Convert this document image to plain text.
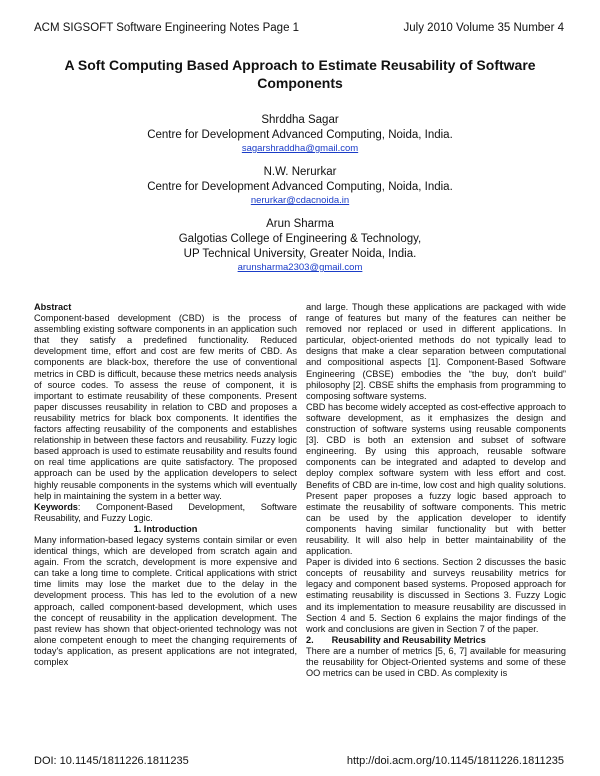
ACM SIGSOFT Software Engineering Notes Page 1	July 2010 Volume 35 Number 4
A Soft Computing Based Approach to Estimate Reusability of Software
Components
Shrddha Sagar
Centre for Development Advanced Computing, Noida, India.
sagarshraddha@gmail.com
N.W. Nerurkar
Centre for Development Advanced Computing, Noida, India.
nerurkar@cdacnoida.in
Arun Sharma
Galgotias College of Engineering & Technology,
UP Technical University, Greater Noida, India.
arunsharma2303@gmail.com

Abstract

Component-based development (CBD) is the process of assembling existing software components in an application such that they satisfy a predefined functionality. Reduced development time, effort and cost are few merits of CBD. As components are black-box, therefore the use of conventional metrics in CBD is difficult, because these metrics needs analysis of source codes. To assess the reuse of component, it is important to estimate reusability of these components. Present paper discusses reusability in relation to CBD and proposes a reusability metrics for black box components. It identifies the factors affecting reusability of the components and establishes relationship in between these factors and reusability. Fuzzy logic based approach is used to estimate reusability and results found on real time applications are quite satisfactory. The proposed approach can be used by the application developers to select highly reusable components in the systems which will eventually help in maintaining the system in a better way.

Keywords: Component-Based Development, Software Reusability, and Fuzzy Logic.

1. Introduction

Many information-based legacy systems contain similar or even identical things, which are developed from scratch again and again. From the scratch, development is more expensive and can take a long time to complete. Critical applications with strict time limits may lose the market due to the delay in the development process. This has led to the evolution of a new approach, called component-based development, which uses the concept of reusability in the application development. The past review has shown that object-oriented technology was not alone competent enough to meet the changing requirements of today's application, as present applications are not integrated, complex

and large. Though these applications are packaged with wide range of features but many of the features can neither be removed nor replaced or used in different applications. In particular, object-oriented methods do not typically lead to designs that make a clear separation between computational and compositional aspects [1]. Component-Based Software Engineering (CBSE) embodies the “the buy, don't build” philosophy [2]. CBSE shifts the emphasis from programming to composing software systems.

CBD has become widely accepted as cost-effective approach to software development, as it emphasizes the design and construction of software systems using reusable components [3]. CBD is both an extension and subset of software engineering. By using this approach, reusable software components can be integrated and adapted to develop and deploy complex software system with less effort and cost. Benefits of CBD are in-time, low cost and high quality solutions. Present paper proposes a fuzzy logic based approach to estimate the reusability of software components. This metric can be used by the application developer to identify components having similar functionality but with better reusability. It will also help in better maintainability of the application.

Paper is divided into 6 sections. Section 2 discusses the basic concepts of reusability and surveys reusability metrics for legacy and component based systems. Proposed approach for estimating reusability is discussed in Sections 3. Fuzzy Logic and its implementation to measure reusability are discussed in Section 4 and 5. Section 6 explains the major findings of the work and conclusions are given in Section 7 of the paper.

2. Reusability and Reusability Metrics

There are a number of metrics [5, 6, 7] available for measuring the reusability for Object-Oriented systems and some of these OO metrics can be used in CBD. As complexity is

DOI: 10.1145/1811226.1811235	http://doi.acm.org/10.1145/1811226.1811235
